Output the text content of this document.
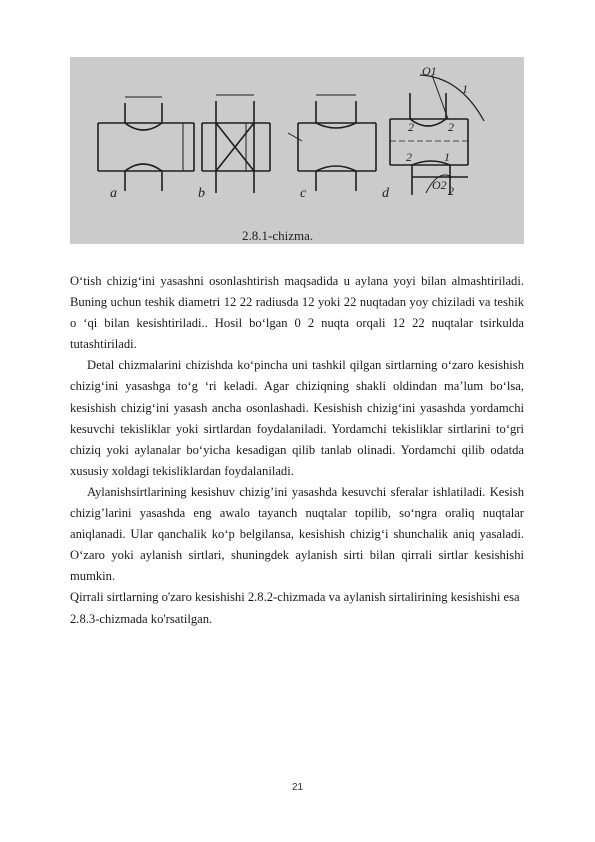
a	b	c	d
O1
2	2
1
2
O2 2
1
2.8.1-chizma.

O‘tish chizig‘ini yasashni osonlashtirish maqsadida u aylana yoyi bilan almashtiriladi. Buning uchun teshik diametri 12 22 radiusda 12 yoki 22 nuqtadan yoy chiziladi va teshik o ‘qi bilan kesishtiriladi.. Hosil bo‘lgan 0 2 nuqta orqali 12 22 nuqtalar tsirkulda tutashtiriladi.

Detal chizmalarini chizishda ko‘pincha uni tashkil qilgan sirtlarning o‘zaro kesishish chizig‘ini yasashga to‘g ‘ri keladi. Agar chiziqning shakli oldindan ma’lum bo‘lsa, kesishish chizig‘ini yasash ancha osonlashadi. Kesishish chizig‘ini yasashda yordamchi kesuvchi tekisliklar yoki sirtlardan foydalaniladi. Yordamchi tekisliklar sirtlarini to‘gri chiziq yoki aylanalar bo‘yicha kesadigan qilib tanlab olinadi. Yordamchi qilib odatda xususiy xoldagi tekisliklardan foydalaniladi.

Aylanishsirtlarining kesishuv chizig’ini yasashda kesuvchi sferalar ishlatiladi. Kesish chizig’larini yasashda eng awalo tayanch nuqtalar topilib, so‘ngra oraliq nuqtalar aniqlanadi. Ular qanchalik ko‘p belgilansa, kesishish chizig‘i shunchalik aniq yasaladi. O‘zaro yoki aylanish sirtlari, shuningdek aylanish sirti bilan qirrali sirtlar kesishishi mumkin.

Qirrali sirtlarning o'zaro kesishishi 2.8.2-chizmada va aylanish sirtalirining kesishishi esa 2.8.3-chizmada ko'rsatilgan.

21
